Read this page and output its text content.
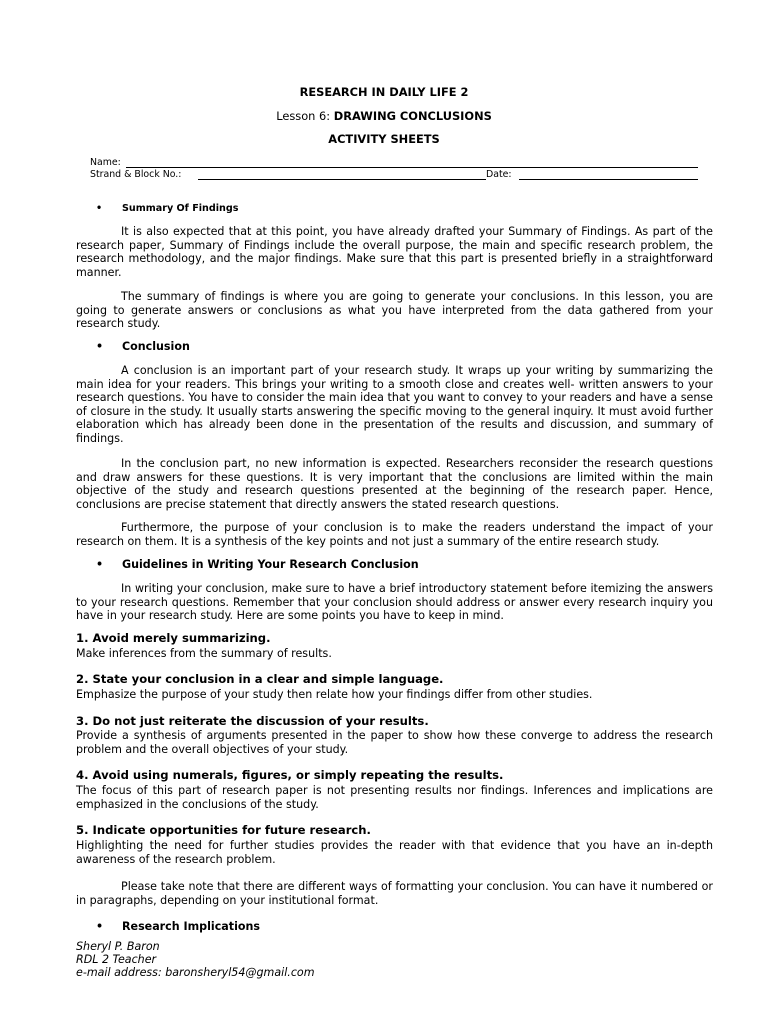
RESEARCH IN DAILY LIFE 2
Lesson 6: DRAWING CONCLUSIONS
ACTIVITY SHEETS
Name:
Strand & Block No.:	Date:
• Summary Of Findings
It is also expected that at this point, you have already drafted your Summary of Findings. As part of the research paper, Summary of Findings include the overall purpose, the main and specific research problem, the research methodology, and the major findings. Make sure that this part is presented briefly in a straightforward manner.
The summary of findings is where you are going to generate your conclusions. In this lesson, you are going to generate answers or conclusions as what you have interpreted from the data gathered from your research study.
• Conclusion
A conclusion is an important part of your research study. It wraps up your writing by summarizing the main idea for your readers. This brings your writing to a smooth close and creates well- written answers to your research questions. You have to consider the main idea that you want to convey to your readers and have a sense of closure in the study. It usually starts answering the specific moving to the general inquiry. It must avoid further elaboration which has already been done in the presentation of the results and discussion, and summary of findings.
In the conclusion part, no new information is expected. Researchers reconsider the research questions and draw answers for these questions. It is very important that the conclusions are limited within the main objective of the study and research questions presented at the beginning of the research paper. Hence, conclusions are precise statement that directly answers the stated research questions.
Furthermore, the purpose of your conclusion is to make the readers understand the impact of your research on them. It is a synthesis of the key points and not just a summary of the entire research study.
• Guidelines in Writing Your Research Conclusion
In writing your conclusion, make sure to have a brief introductory statement before itemizing the answers to your research questions. Remember that your conclusion should address or answer every research inquiry you have in your research study. Here are some points you have to keep in mind.
1. Avoid merely summarizing.
Make inferences from the summary of results.
2. State your conclusion in a clear and simple language.
Emphasize the purpose of your study then relate how your findings differ from other studies.
3. Do not just reiterate the discussion of your results.
Provide a synthesis of arguments presented in the paper to show how these converge to address the research problem and the overall objectives of your study.
4. Avoid using numerals, figures, or simply repeating the results.
The focus of this part of research paper is not presenting results nor findings. Inferences and implications are emphasized in the conclusions of the study.
5. Indicate opportunities for future research.
Highlighting the need for further studies provides the reader with that evidence that you have an in-depth awareness of the research problem.
Please take note that there are different ways of formatting your conclusion. You can have it numbered or in paragraphs, depending on your institutional format.
• Research Implications
Sheryl P. Baron
RDL 2 Teacher
e-mail address: baronsheryl54@gmail.com
